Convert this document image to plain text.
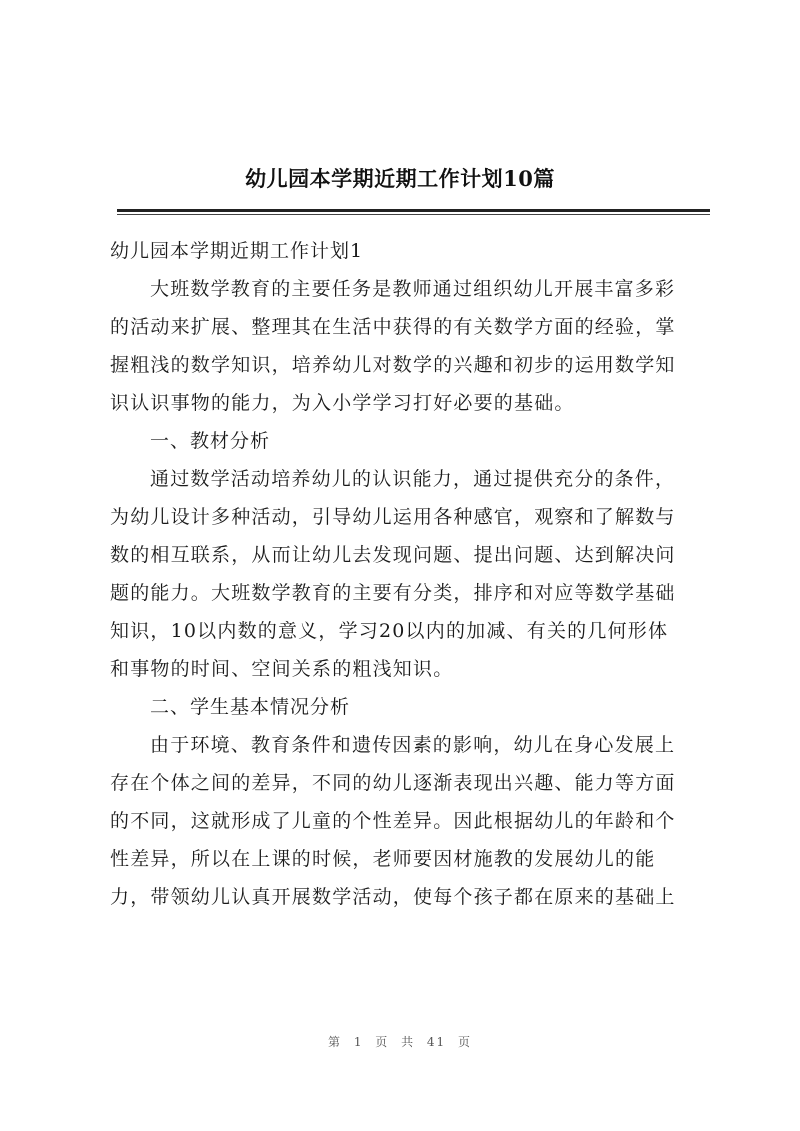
幼儿园本学期近期工作计划10篇
幼儿园本学期近期工作计划1
大班数学教育的主要任务是教师通过组织幼儿开展丰富多彩
的活动来扩展、整理其在生活中获得的有关数学方面的经验，掌
握粗浅的数学知识，培养幼儿对数学的兴趣和初步的运用数学知
识认识事物的能力，为入小学学习打好必要的基础。
一、教材分析
通过数学活动培养幼儿的认识能力，通过提供充分的条件，
为幼儿设计多种活动，引导幼儿运用各种感官，观察和了解数与
数的相互联系，从而让幼儿去发现问题、提出问题、达到解决问
题的能力。大班数学教育的主要有分类，排序和对应等数学基础
知识，10以内数的意义，学习20以内的加减、有关的几何形体
和事物的时间、空间关系的粗浅知识。
二、学生基本情况分析
由于环境、教育条件和遗传因素的影响，幼儿在身心发展上
存在个体之间的差异，不同的幼儿逐渐表现出兴趣、能力等方面
的不同，这就形成了儿童的个性差异。因此根据幼儿的年龄和个
性差异，所以在上课的时候，老师要因材施教的发展幼儿的能
力，带领幼儿认真开展数学活动，使每个孩子都在原来的基础上
第 1 页 共 41 页
